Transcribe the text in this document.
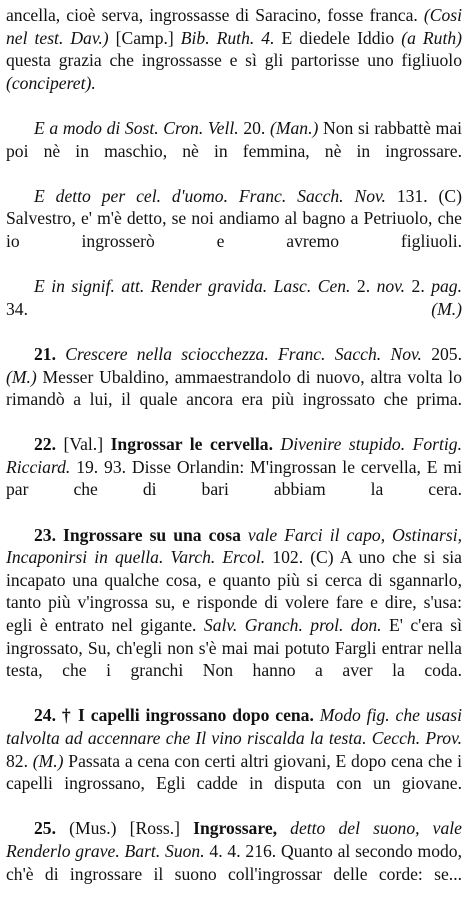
ancella, cioè serva, ingrossasse di Saracino, fosse franca. (Cosi nel test. Dav.) [Camp.] Bib. Ruth. 4. E diedele Iddio (a Ruth) questa grazia che ingrossasse e sì gli partorisse uno figliuolo (conciperet).

E a modo di Sost. Cron. Vell. 20. (Man.) Non si rabbattè mai poi nè in maschio, nè in femmina, nè in ingrossare.

E detto per cel. d'uomo. Franc. Sacch. Nov. 131. (C) Salvestro, e' m'è detto, se noi andiamo al bagno a Petriuolo, che io ingrosserò e avremo figliuoli.

E in signif. att. Render gravida. Lasc. Cen. 2. nov. 2. pag. 34. (M.)

21. Crescere nella sciocchezza. Franc. Sacch. Nov. 205. (M.) Messer Ubaldino, ammaestrandolo di nuovo, altra volta lo rimandò a lui, il quale ancora era più ingrossato che prima.

22. [Val.] Ingrossar le cervella. Divenire stupido. Fortig. Ricciard. 19. 93. Disse Orlandin: M'ingrossan le cervella, E mi par che di bari abbiam la cera.

23. Ingrossare su una cosa vale Farci il capo, Ostinarsi, Incaponirsi in quella. Varch. Ercol. 102. (C) A uno che si sia incapato una qualche cosa, e quanto più si cerca di sgannarlo, tanto più v'ingrossa su, e risponde di volere fare e dire, s'usa: egli è entrato nel gigante. Salv. Granch. prol. don. E' c'era sì ingrossato, Su, ch'egli non s'è mai mai potuto Fargli entrar nella testa, che i granchi Non hanno a aver la coda.

24. † I capelli ingrossano dopo cena. Modo fig. che usasi talvolta ad accennare che Il vino riscalda la testa. Cecch. Prov. 82. (M.) Passata a cena con certi altri giovani, E dopo cena che i capelli ingrossano, Egli cadde in disputa con un giovane.

25. (Mus.) [Ross.] Ingrossare, detto del suono, vale Renderlo grave. Bart. Suon. 4. 4. 216. Quanto al secondo modo, ch'è di ingrossare il suono coll'ingrossar delle corde: se...
